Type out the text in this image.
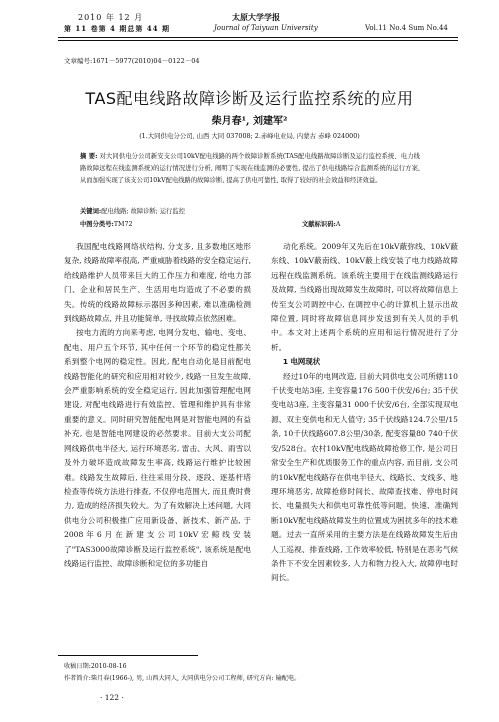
2010 年 12 月
第 11 卷第 4 期总第 44 期
太原大学学报
Journal of Taiyuan University	Vol.11 No.4 Sum No.44
文章编号:1671－5977(2010)04－0122－04
TAS配电线路故障诊断及运行监控系统的应用
柴月春¹, 刘建军²
(1.大同供电分公司, 山西 大同 037008; 2.赤峰电业局, 内蒙古 赤峰 024000)
摘 要: 对大同供电分公司新安支公司10kV配电线路的两个故障诊断系统(TAS配电线路故障诊断及运行监控系统、电力线路故障远程在线监测系统)的运行情况进行分析, 阐明了实现在线监测的必要性, 提出了供电线路综合监测系统的运行方案, 从而加强实现了该支公司10kV配电线路的故障诊断, 提高了供电可靠性, 取得了较好的社会效益和经济效益。
关键词:配电线路; 故障诊断; 运行监控
中图分类号:TM72	文献标识码:A

我国配电线路网络状结构, 分支多, 且多数地区地形复杂, 线路故障率很高, 严重威胁着线路的安全稳定运行, 给线路维护人员带来巨大的工作压力和难度, 给电力部门、企业和居民生产、生活用电均造成了不必要的损失。传统的线路故障标示器因多种因素, 难以准确检测到线路故障点, 并且功能简单, 寻找故障点依然困难。

按电力流的方向来考虑, 电网分发电、输电、变电、配电、用户五个环节, 其中任何一个环节的稳定性都关系到整个电网的稳定性。因此, 配电自动化是目前配电线路智能化的研究和应用相对较少, 线路一旦发生故障, 会严重影响系统的安全稳定运行, 因此加强管理配电网建设, 对配电线路进行有效监控、管理和维护具有非常重要的意义。同时研究智能配电网是对智能电网的有益补充, 也是智能电网建设的必然要求。目前大支公司配网线路供电半径大, 运行环境恶劣, 雷击、大风、雨雪以及外力破坏造成故障发生率高, 线路运行维护比较困难。线路发生故障后, 往往采用分段、逐段、逐基杆塔检查等传统方法进行排查, 不仅停电范围大, 而且费时费力, 造成的经济损失较大。为了有效解决上述问题, 大同供电分公司积极推广应用新设备、新技术、新产品, 于2008年6月在新建支公司10kV宏鲸线安装了"TAS3000故障诊断及运行监控系统", 该系统是配电线路运行监控、故障诊断和定位的多功能自

动化系统。2009年又先后在10kV蔽弥线、10kV蔽东线、10kV蔽南线、10kV蔽上线安装了电力线路故障远程在线监测系统。该系统主要用于在线监测线路运行及故障, 当线路出现故障发生故障时, 可以将故障信息上传至支公司调控中心, 在调控中心的计算机上显示出故障位置, 同时将故障信息同步发送到有关人员的手机中。本文对上述两个系统的应用和运行情况进行了分析。

1 电网现状

经过10年的电网改造, 目前大同供电支公司所辖110千伏变电站3座, 主变容量176 500千伏安/6台; 35千伏变电站3座, 主变容量31 000千伏安/6台, 全部实现双电源、双主变供电和无人值守; 35千伏线路124.7公里/15条, 10千伏线路607.8公里/30条, 配变容量80 740千伏安/528台。农村10kV配电线路故障抢修工作, 是公司日常安全生产和优质服务工作的重点内容, 而目前, 支公司的10kV配电线路存在供电半径大、线路长、支线多、地理环境恶劣, 故障抢修时间长、故障查找难、停电时间长、电量损失大和供电可靠性低等问题。快速、准确判断10kV配电线路故障发生的位置成为困扰多年的技术难题。过去一直所采用的主要方法是在线路故障发生后由人工巡视、排查线路, 工作效率较低, 特别是在恶劣气候条件下不安全因素较多, 人力和物力投入大, 故障停电时间长。

收稿日期:2010-08-16
作者简介:柴月春(1966-), 男, 山西大同人, 大同供电分公司工程师, 研究方向: 输配电。
· 122 ·
